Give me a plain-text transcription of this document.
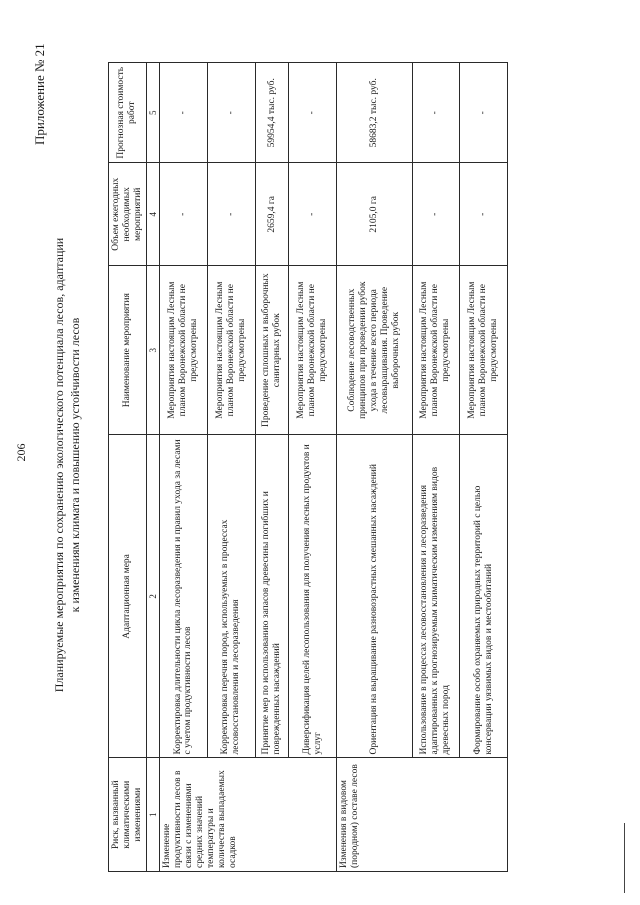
206
Приложение № 21
Планируемые мероприятия по сохранению экологического потенциала лесов, адаптации к изменениям климата и повышению устойчивости лесов
Риск, вызванный климатическими изменениями	Адаптационная мера	Наименование мероприятия	Объем ежегодных необходимых мероприятий	Прогнозная стоимость работ
1	2	3	4	5
Изменение продуктивности лесов в связи с изменениями средних значений температуры и количества выпадаемых осадков	Корректировка длительности цикла лесоразведения и правил ухода за лесами с учетом продуктивности лесов	Мероприятия настоящим Лесным планом Воронежской области не предусмотрены	-	-
	Корректировка перечня пород, используемых в процессах лесовосстановления и лесоразведения	Мероприятия настоящим Лесным планом Воронежской области не предусмотрены	-	-
	Принятие мер по использованию запасов древесины погибших и поврежденных насаждений	Проведение сплошных и выборочных санитарных рубок	2659,4 га	59954,4 тыс. руб.
	Диверсификация целей лесопользования для получения лесных продуктов и услуг	Мероприятия настоящим Лесным планом Воронежской области не предусмотрены	-	-
Изменения в видовом (породном) составе лесов	Ориентация на выращивание разновозрастных смешанных насаждений	Соблюдение лесоводственных принципов при проведении рубок ухода в течение всего периода лесовыращивания. Проведение выборочных рубок	2105,0 га	58683,2 тыс. руб.
	Использование в процессах лесовосстановления и лесоразведения адаптированных к прогнозируемым климатическим изменениям видов древесных пород	Мероприятия настоящим Лесным планом Воронежской области не предусмотрены	-	-
	Формирование особо охраняемых природных территорий с целью консервации уязвимых видов и местообитаний	Мероприятия настоящим Лесным планом Воронежской области не предусмотрены	-	-
